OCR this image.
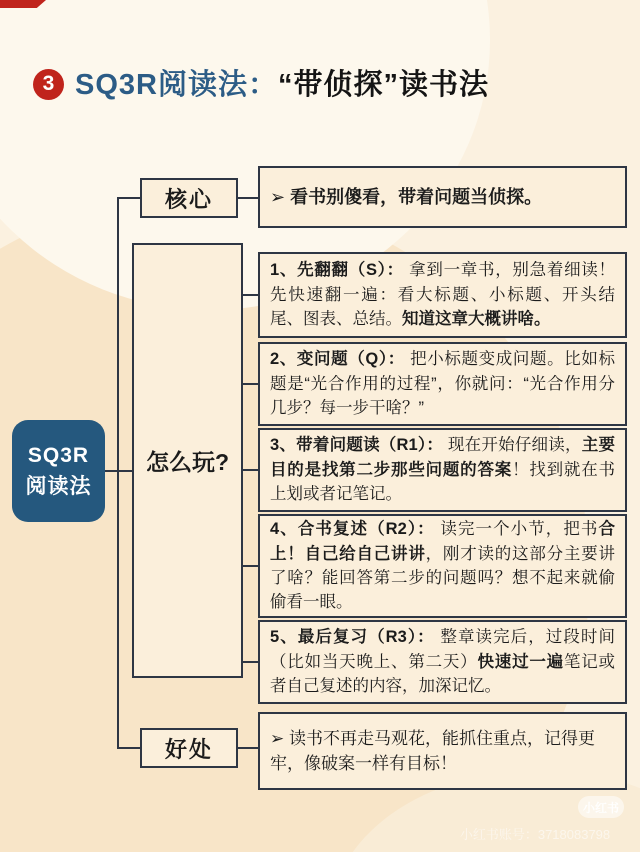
3 SQ3R阅读法：“带侦探”读书法
SQ3R
阅读法
核心
怎么玩?
好处
➢ 看书别傻看，带着问题当侦探。
1、先翻翻（S）： 拿到一章书，别急着细读！先快速翻一遍：看大标题、小标题、开头结尾、图表、总结。知道这章大概讲啥。
2、变问题（Q）： 把小标题变成问题。比如标题是“光合作用的过程”，你就问：“光合作用分几步？每一步干啥？”
3、带着问题读（R1）： 现在开始仔细读，主要目的是找第二步那些问题的答案！找到就在书上划或者记笔记。
4、合书复述（R2）： 读完一个小节，把书合上！自己给自己讲讲，刚才读的这部分主要讲了啥？能回答第二步的问题吗？想不起来就偷偷看一眼。
5、最后复习（R3）： 整章读完后，过段时间（比如当天晚上、第二天）快速过一遍笔记或者自己复述的内容，加深记忆。
➢ 读书不再走马观花，能抓住重点，记得更牢，像破案一样有目标！
小红书
小红书账号：3718083798
